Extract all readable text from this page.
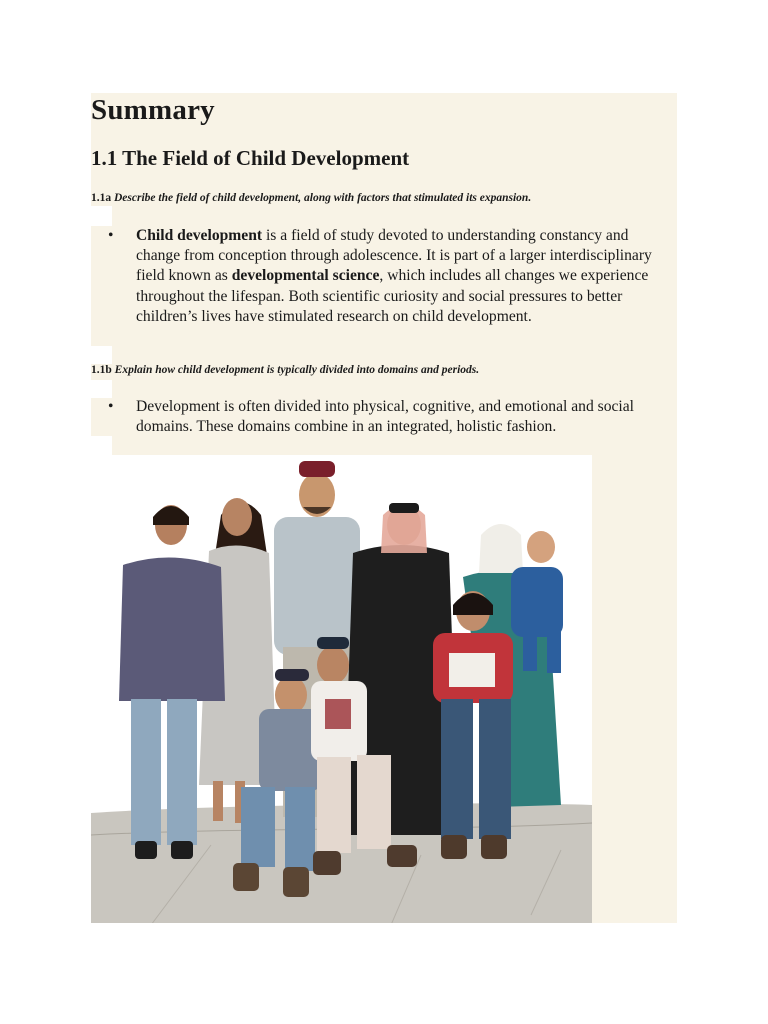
Summary
1.1 The Field of Child Development

1.1a Describe the field of child development, along with factors that stimulated its expansion.

• Child development is a field of study devoted to understanding constancy and change from conception through adolescence. It is part of a larger interdisciplinary field known as developmental science, which includes all changes we experience throughout the lifespan. Both scientific curiosity and social pressures to better children’s lives have stimulated research on child development.

1.1b Explain how child development is typically divided into domains and periods.

• Development is often divided into physical, cognitive, and emotional and social domains. These domains combine in an integrated, holistic fashion.
